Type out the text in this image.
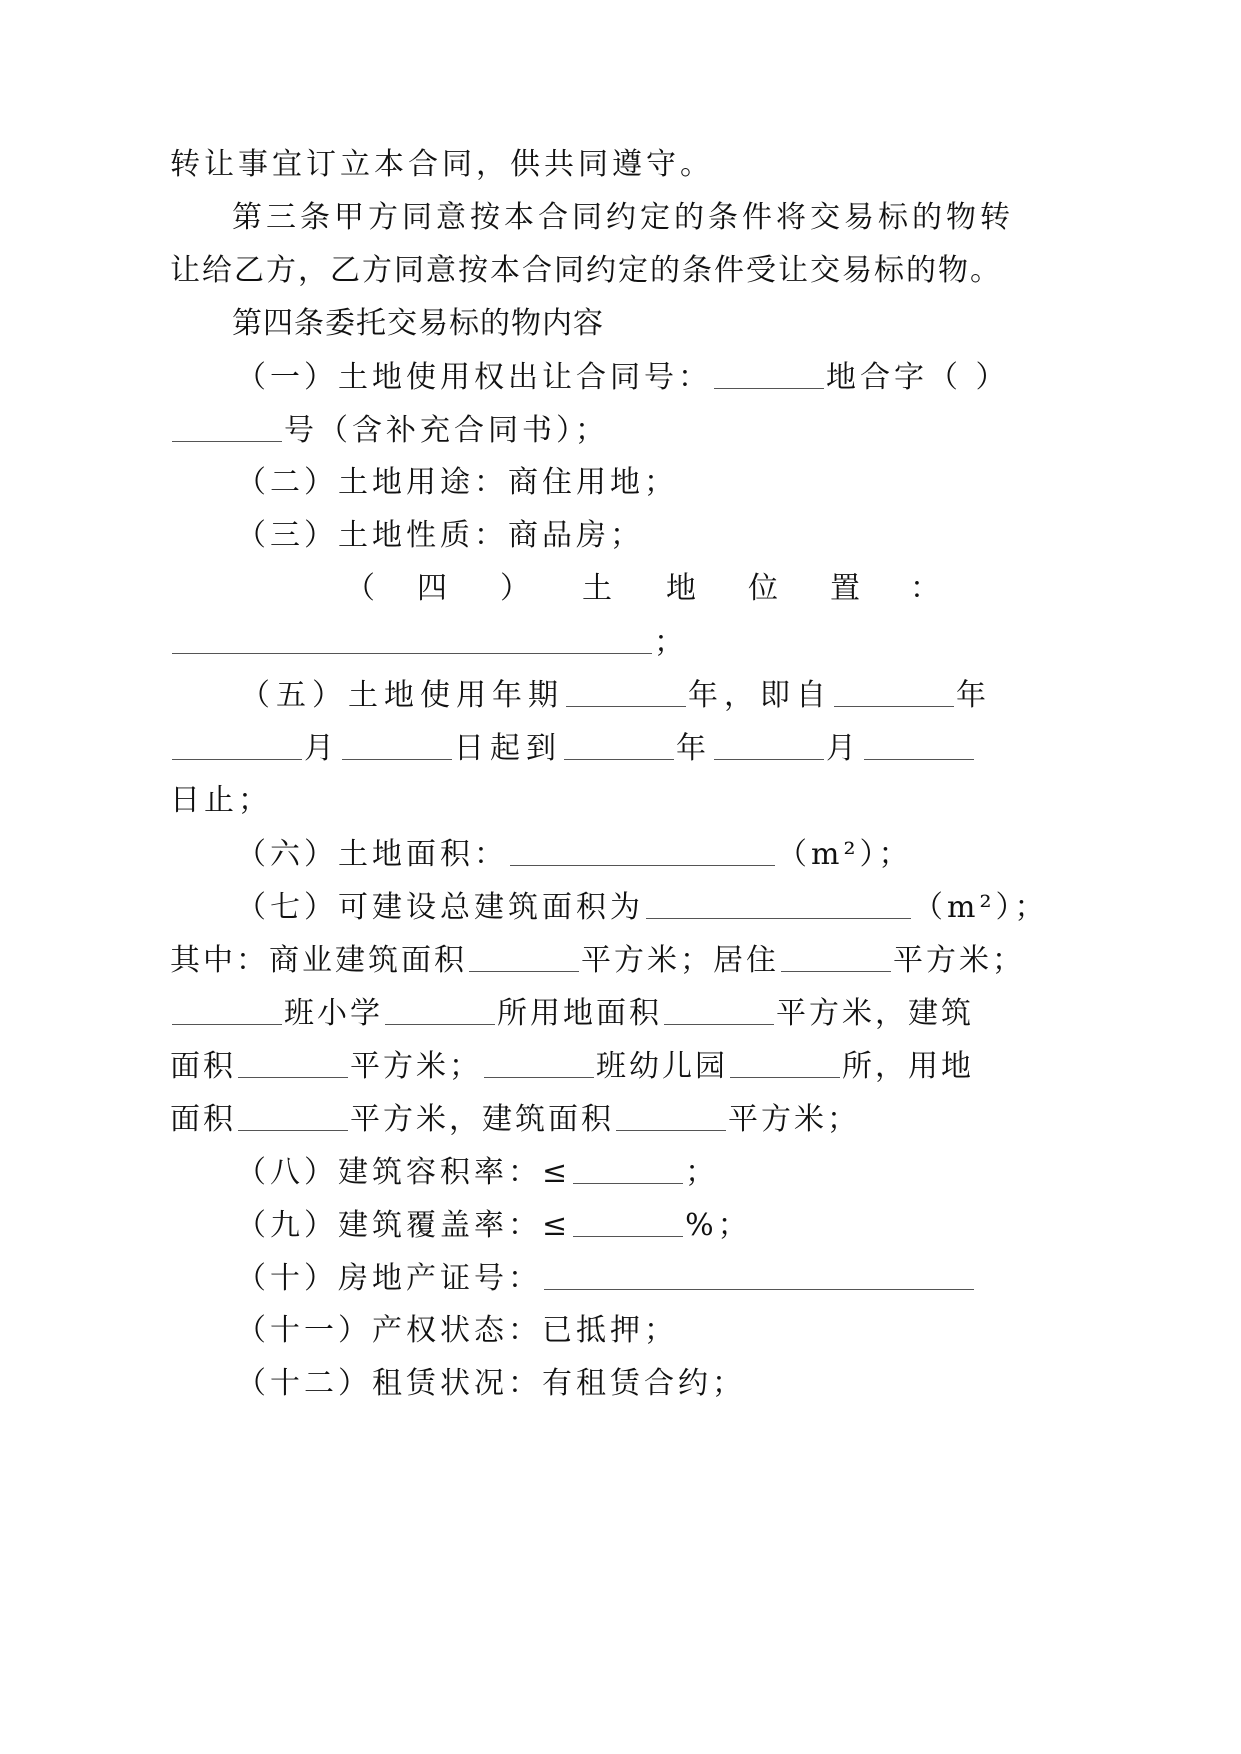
转让事宜订立本合同，供共同遵守。
第三条甲方同意按本合同约定的条件将交易标的物转
让给乙方，乙方同意按本合同约定的条件受让交易标的物。
第四条委托交易标的物内容
（一）土地使用权出让合同号：	地合字（ ）
号（含补充合同书）；
（二）土地用途：商住用地；
（三）土地性质：商品房；
（ 四 ） 土 地 位 置 ：
；
（五）土地使用年期	年，即自	年
月	日起到	年	月
日止；
（六）土地面积：	（m²）；
（七）可建设总建筑面积为	（m²）；
其中：商业建筑面积	平方米；居住	平方米；
班小学	所用地面积	平方米，建筑
面积	平方米；	班幼儿园	所，用地
面积	平方米，建筑面积	平方米；
（八）建筑容积率：≤	；
（九）建筑覆盖率：≤	%；
（十）房地产证号：
（十一）产权状态：已抵押；
（十二）租赁状况：有租赁合约；
